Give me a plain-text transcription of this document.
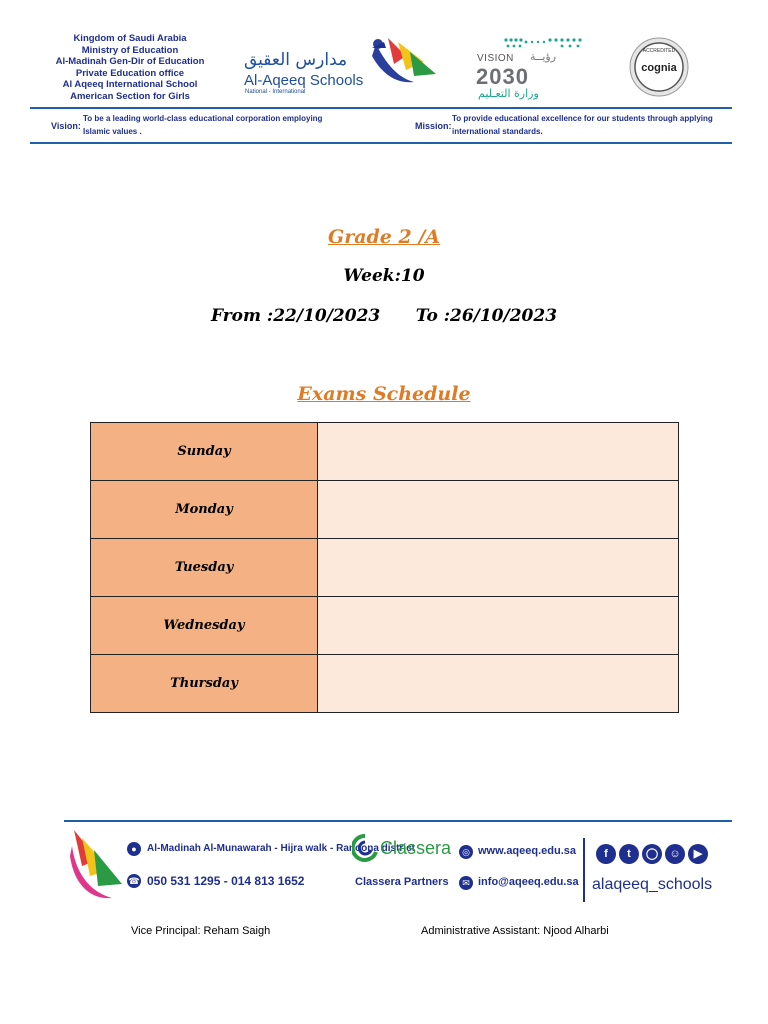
Kingdom of Saudi Arabia
Ministry of Education
Al-Madinah Gen-Dir of Education
Private Education office
Al Aqeeq International School
American Section for Girls
مدارس العقيق
Al-Aqeeq Schools
National - International
VISION رؤيــة
2030
وزارة التعـليم
ACCREDITED
cognia
Vision:
To be a leading world-class educational corporation employing Islamic values .
Mission:
To provide educational excellence for our students through applying international standards.
Grade 2 /A
Week:10
From :22/10/2023      To :26/10/2023
Exams Schedule
Sunday	
Monday	
Tuesday	
Wednesday	
Thursday	
●	Al-Madinah Al-Munawarah - Hijra walk - Ranoona district
☎ 050 531 1295 - 014 813 1652
Classera
Classera Partners
◎ www.aqeeq.edu.sa
✉ info@aqeeq.edu.sa
f	t	◯	☺	▶
alaqeeq_schools
Vice Principal: Reham Saigh	Administrative Assistant: Njood Alharbi
